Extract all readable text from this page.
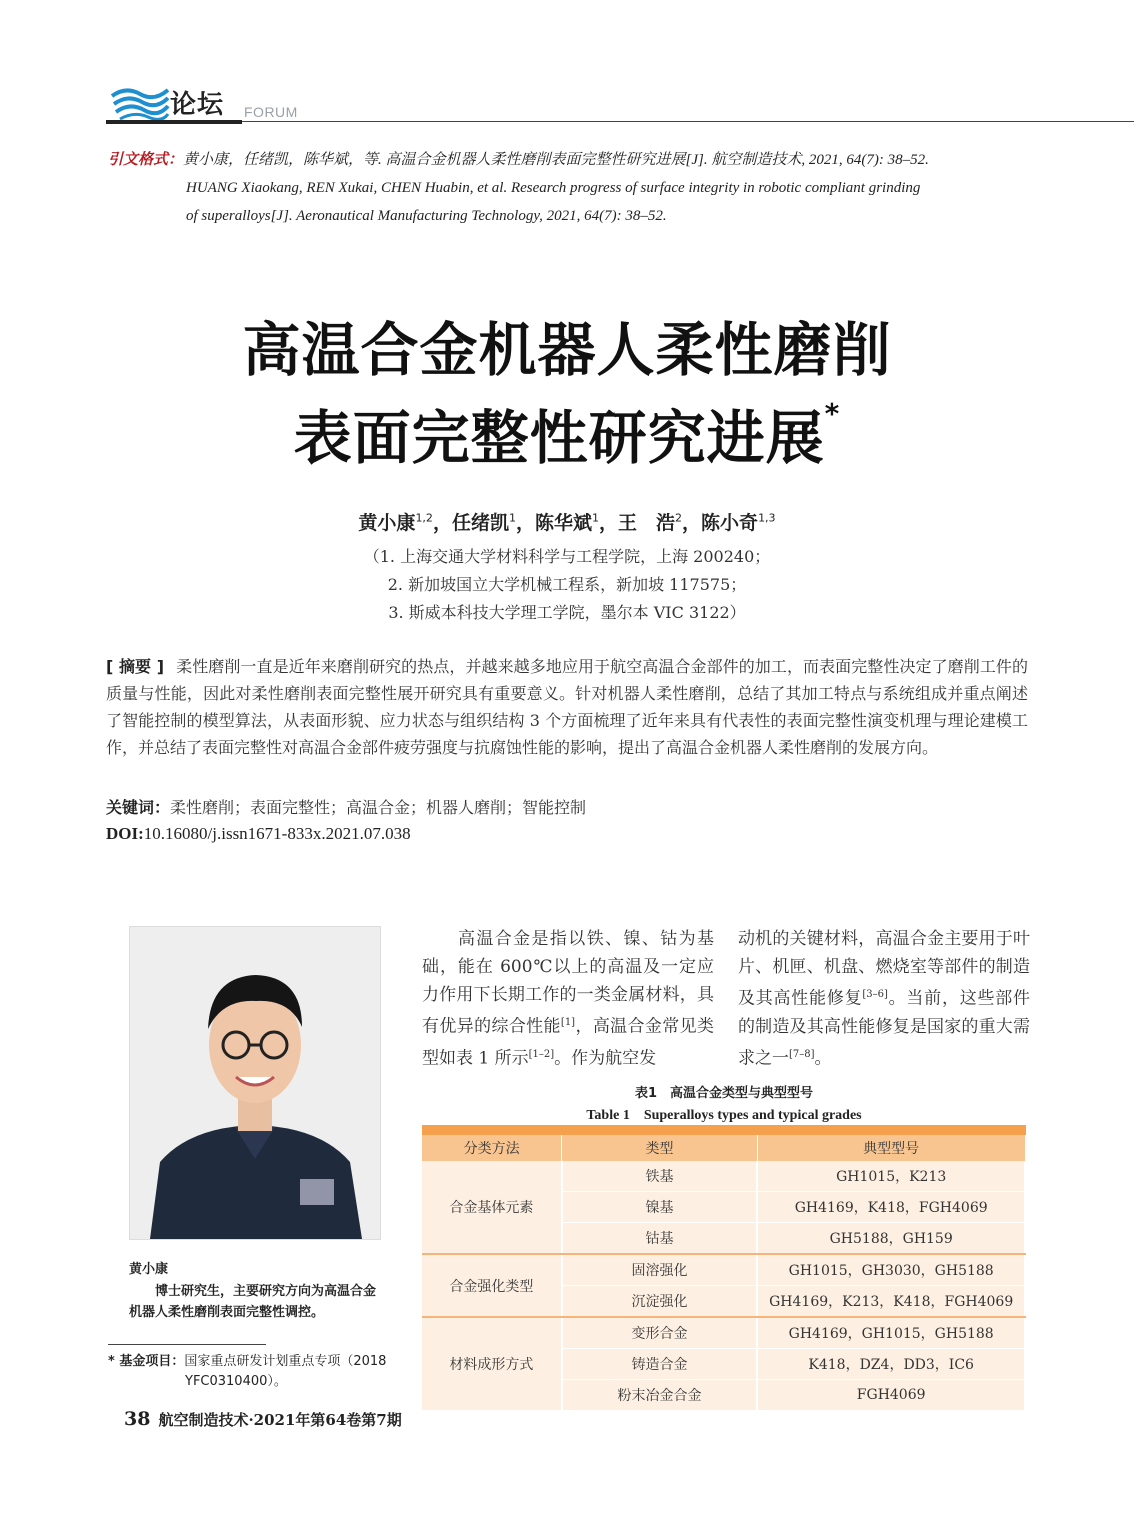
论坛 FORUM
引文格式：黄小康，任绪凯，陈华斌，等. 高温合金机器人柔性磨削表面完整性研究进展[J]. 航空制造技术, 2021, 64(7): 38–52.
HUANG Xiaokang, REN Xukai, CHEN Huabin, et al. Research progress of surface integrity in robotic compliant grinding
of superalloys[J]. Aeronautical Manufacturing Technology, 2021, 64(7): 38–52.
高温合金机器人柔性磨削
表面完整性研究进展*
黄小康$^{1,2}$，任绪凯$^1$，陈华斌$^1$，王　浩$^2$，陈小奇$^{1,3}$
（1. 上海交通大学材料科学与工程学院，上海 200240；
2. 新加坡国立大学机械工程系，新加坡 117575；
3. 斯威本科技大学理工学院，墨尔本 VIC 3122）
[ 摘要 ] 柔性磨削一直是近年来磨削研究的热点，并越来越多地应用于航空高温合金部件的加工，而表面完整性决定了磨削工件的质量与性能，因此对柔性磨削表面完整性展开研究具有重要意义。针对机器人柔性磨削，总结了其加工特点与系统组成并重点阐述了智能控制的模型算法，从表面形貌、应力状态与组织结构 3 个方面梳理了近年来具有代表性的表面完整性演变机理与理论建模工作，并总结了表面完整性对高温合金部件疲劳强度与抗腐蚀性能的影响，提出了高温合金机器人柔性磨削的发展方向。
关键词：柔性磨削；表面完整性；高温合金；机器人磨削；智能控制
DOI:10.16080/j.issn1671-833x.2021.07.038
黄小康
博士研究生，主要研究方向为高温合金机器人柔性磨削表面完整性调控。
* 基金项目：国家重点研发计划重点专项（2018
YFC0310400）。
高温合金是指以铁、镍、钴为基础，能在 600℃以上的高温及一定应力作用下长期工作的一类金属材料，具有优异的综合性能[1]，高温合金常见类型如表 1 所示[1–2]。作为航空发
动机的关键材料，高温合金主要用于叶片、机匣、机盘、燃烧室等部件的制造及其高性能修复[3–6]。当前，这些部件的制造及其高性能修复是国家的重大需求之一[7–8]。
表1　高温合金类型与典型型号
Table 1　Superalloys types and typical grades
分类方法	类型	典型型号
合金基体元素	铁基	GH1015，K213
	镍基	GH4169，K418，FGH4069
	钴基	GH5188，GH159
合金强化类型	固溶强化	GH1015，GH3030，GH5188
	沉淀强化	GH4169，K213，K418，FGH4069
材料成形方式	变形合金	GH4169，GH1015，GH5188
	铸造合金	K418，DZ4，DD3，IC6
	粉末冶金合金	FGH4069
38 航空制造技术·2021年第64卷第7期
